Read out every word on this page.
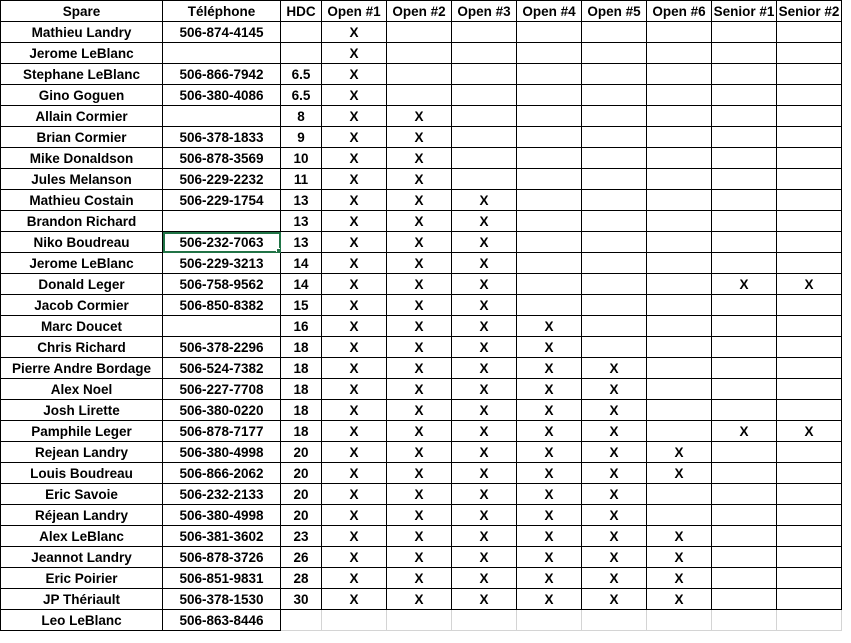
Spare	Téléphone	HDC	Open #1	Open #2	Open #3	Open #4	Open #5	Open #6	Senior #1	Senior #2
Mathieu Landry	506-874-4145		X							
Jerome LeBlanc			X							
Stephane LeBlanc	506-866-7942	6.5	X							
Gino Goguen	506-380-4086	6.5	X							
Allain Cormier		8	X	X						
Brian Cormier	506-378-1833	9	X	X						
Mike Donaldson	506-878-3569	10	X	X						
Jules Melanson	506-229-2232	11	X	X						
Mathieu Costain	506-229-1754	13	X	X	X					
Brandon Richard		13	X	X	X					
Niko Boudreau	506-232-7063	13	X	X	X					
Jerome LeBlanc	506-229-3213	14	X	X	X					
Donald Leger	506-758-9562	14	X	X	X				X	X
Jacob Cormier	506-850-8382	15	X	X	X					
Marc Doucet		16	X	X	X	X				
Chris Richard	506-378-2296	18	X	X	X	X				
Pierre Andre Bordage	506-524-7382	18	X	X	X	X	X			
Alex Noel	506-227-7708	18	X	X	X	X	X			
Josh Lirette	506-380-0220	18	X	X	X	X	X			
Pamphile Leger	506-878-7177	18	X	X	X	X	X		X	X
Rejean Landry	506-380-4998	20	X	X	X	X	X	X		
Louis Boudreau	506-866-2062	20	X	X	X	X	X	X		
Eric Savoie	506-232-2133	20	X	X	X	X	X			
Réjean Landry	506-380-4998	20	X	X	X	X	X			
Alex LeBlanc	506-381-3602	23	X	X	X	X	X	X		
Jeannot Landry	506-878-3726	26	X	X	X	X	X	X		
Eric Poirier	506-851-9831	28	X	X	X	X	X	X		
JP Thériault	506-378-1530	30	X	X	X	X	X	X		
Leo LeBlanc	506-863-8446									
